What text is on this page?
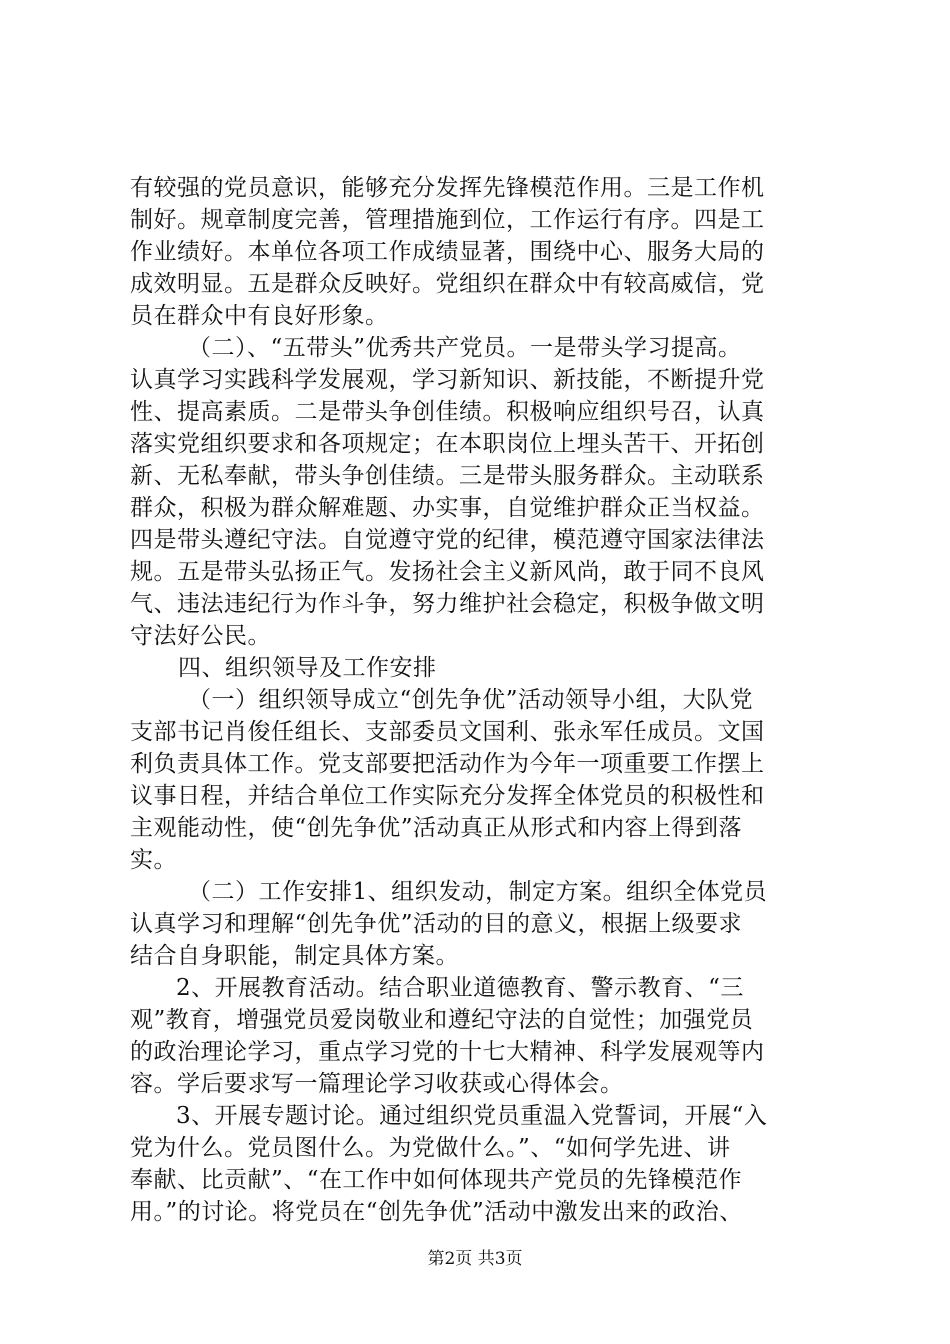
有较强的党员意识，能够充分发挥先锋模范作用。三是工作机
制好。规章制度完善，管理措施到位，工作运行有序。四是工
作业绩好。本单位各项工作成绩显著，围绕中心、服务大局的
成效明显。五是群众反映好。党组织在群众中有较高威信，党
员在群众中有良好形象。
（二）、“五带头”优秀共产党员。一是带头学习提高。
认真学习实践科学发展观，学习新知识、新技能，不断提升党
性、提高素质。二是带头争创佳绩。积极响应组织号召，认真
落实党组织要求和各项规定；在本职岗位上埋头苦干、开拓创
新、无私奉献，带头争创佳绩。三是带头服务群众。主动联系
群众，积极为群众解难题、办实事，自觉维护群众正当权益。
四是带头遵纪守法。自觉遵守党的纪律，模范遵守国家法律法
规。五是带头弘扬正气。发扬社会主义新风尚，敢于同不良风
气、违法违纪行为作斗争，努力维护社会稳定，积极争做文明
守法好公民。
四、组织领导及工作安排
（一）组织领导成立“创先争优”活动领导小组，大队党
支部书记肖俊任组长、支部委员文国利、张永军任成员。文国
利负责具体工作。党支部要把活动作为今年一项重要工作摆上
议事日程，并结合单位工作实际充分发挥全体党员的积极性和
主观能动性，使“创先争优”活动真正从形式和内容上得到落
实。
（二）工作安排1、组织发动，制定方案。组织全体党员
认真学习和理解“创先争优”活动的目的意义，根据上级要求
结合自身职能，制定具体方案。
2、开展教育活动。结合职业道德教育、警示教育、“三
观”教育，增强党员爱岗敬业和遵纪守法的自觉性；加强党员
的政治理论学习，重点学习党的十七大精神、科学发展观等内
容。学后要求写一篇理论学习收获或心得体会。
3、开展专题讨论。通过组织党员重温入党誓词，开展“入
党为什么。党员图什么。为党做什么。”、“如何学先进、讲
奉献、比贡献”、“在工作中如何体现共产党员的先锋模范作
用。”的讨论。将党员在“创先争优”活动中激发出来的政治、
第2页 共3页
